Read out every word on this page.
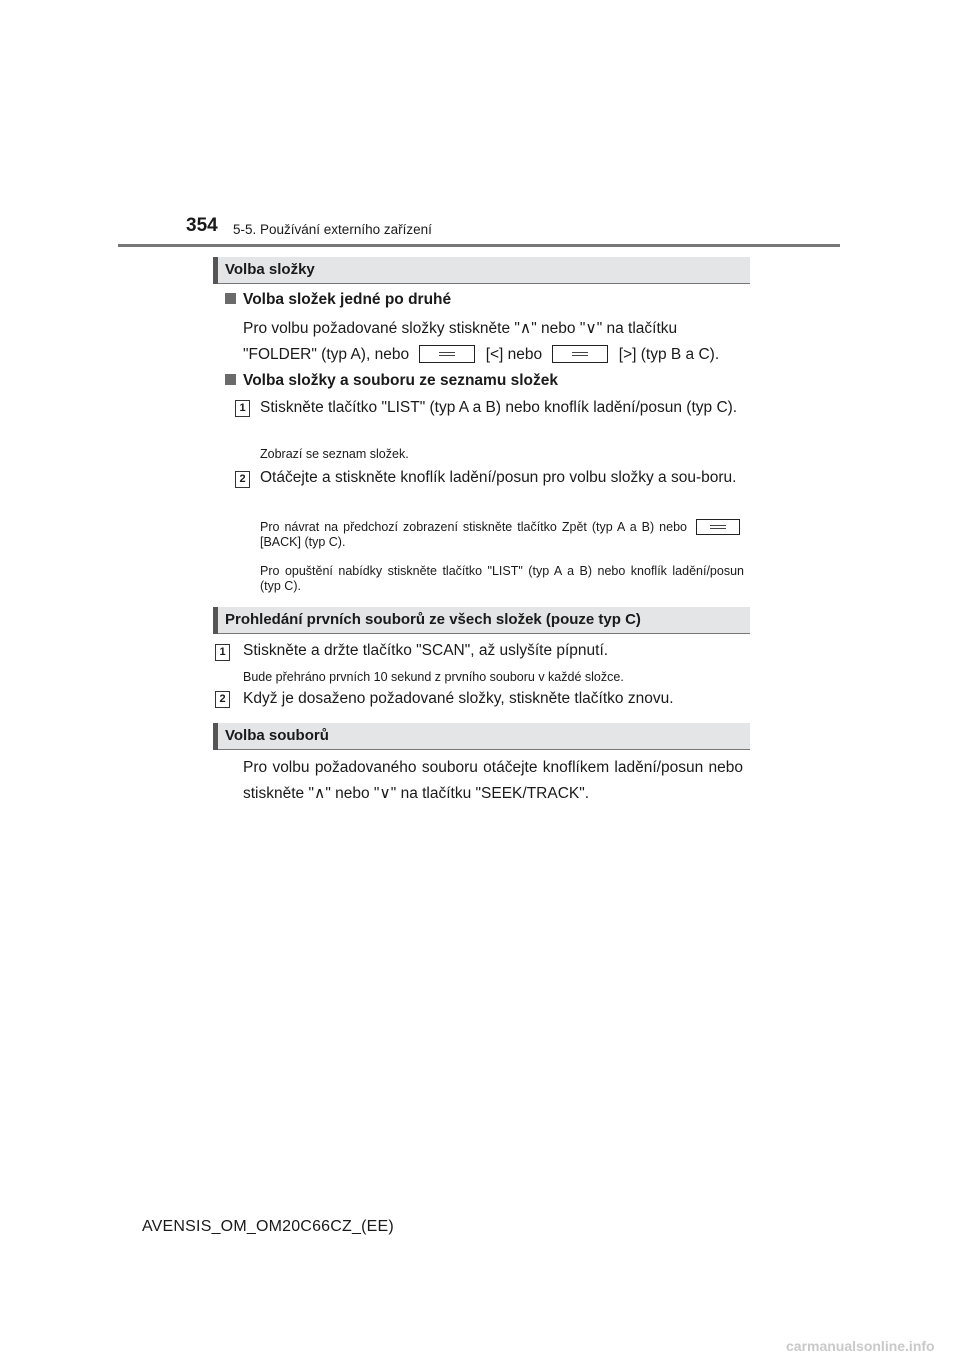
354 5-5. Používání externího zařízení
Volba složky
Volba složek jedné po druhé
Pro volbu požadované složky stiskněte "∧" nebo "∨" na tlačítku
"FOLDER" (typ A), nebo	[<] nebo	[>] (typ B a C).
Volba složky a souboru ze seznamu složek
1 Stiskněte tlačítko "LIST" (typ A a B) nebo knoflík ladění/posun (typ C).
Zobrazí se seznam složek.
2 Otáčejte a stiskněte knoflík ladění/posun pro volbu složky a sou-boru.
Pro návrat na předchozí zobrazení stiskněte tlačítko Zpět (typ A a B) nebo  [BACK] (typ C).
Pro opuštění nabídky stiskněte tlačítko "LIST" (typ A a B) nebo knoflík ladění/posun (typ C).
Prohledání prvních souborů ze všech složek (pouze typ C)
1 Stiskněte a držte tlačítko "SCAN", až uslyšíte pípnutí.
Bude přehráno prvních 10 sekund z prvního souboru v každé složce.
2 Když je dosaženo požadované složky, stiskněte tlačítko znovu.
Volba souborů
Pro volbu požadovaného souboru otáčejte knoflíkem ladění/posun nebo stiskněte "∧" nebo "∨" na tlačítku "SEEK/TRACK".
AVENSIS_OM_OM20C66CZ_(EE)
carmanualsonline.info
